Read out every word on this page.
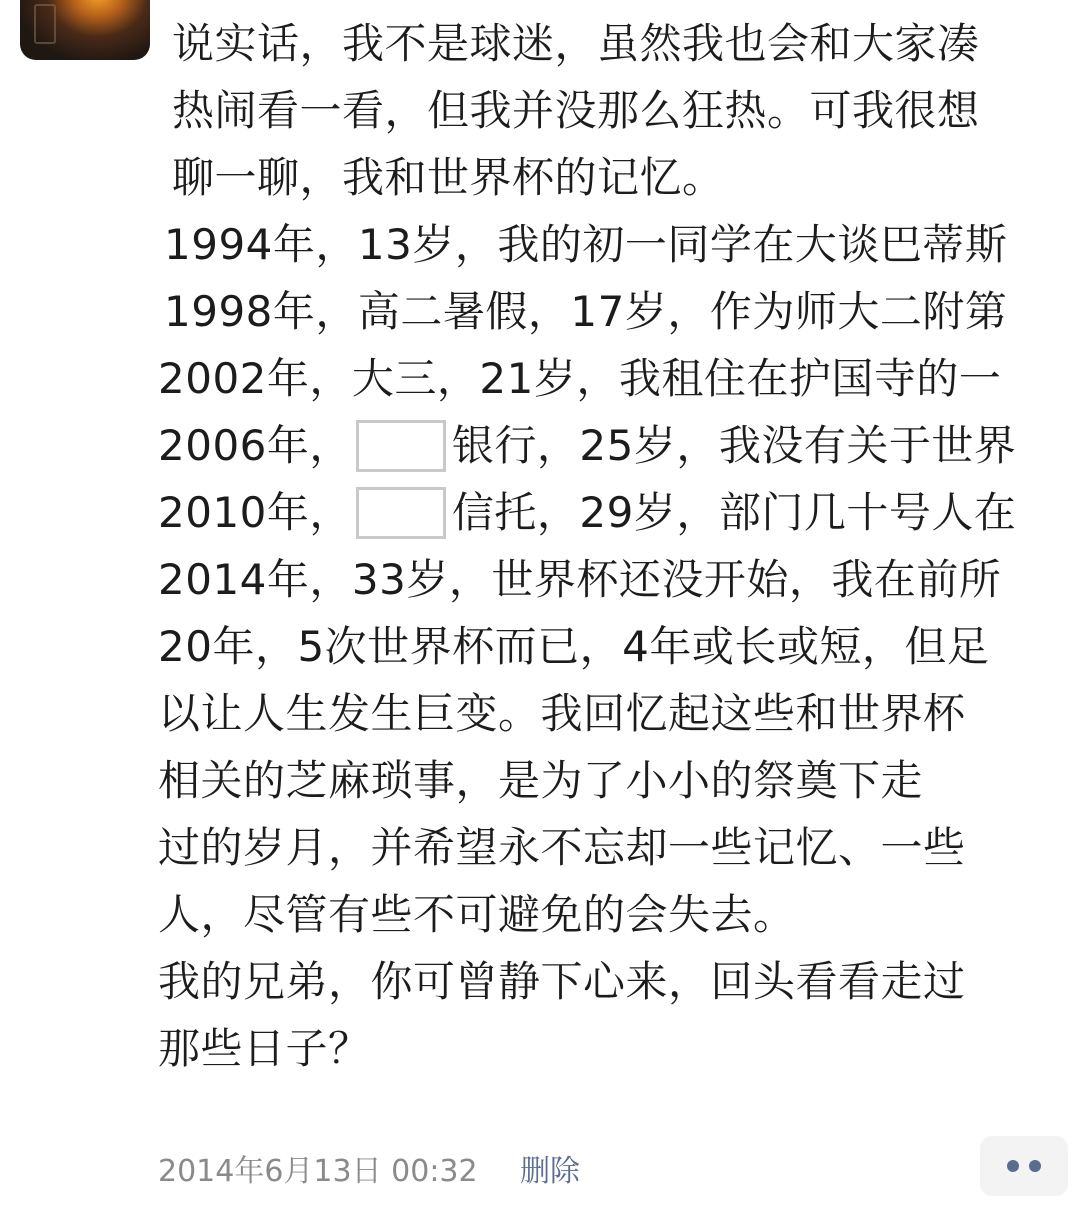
说实话，我不是球迷，虽然我也会和大家凑
热闹看一看，但我并没那么狂热。可我很想
聊一聊，我和世界杯的记忆。
1994年，13岁，我的初一同学在大谈巴蒂斯
1998年，高二暑假，17岁，作为师大二附第
2002年，大三，21岁，我租住在护国寺的一
2006年， 银行，25岁，我没有关于世界
2010年， 信托，29岁，部门几十号人在
2014年，33岁，世界杯还没开始，我在前所
20年，5次世界杯而已，4年或长或短，但足
以让人生发生巨变。我回忆起这些和世界杯
相关的芝麻琐事，是为了小小的祭奠下走
过的岁月，并希望永不忘却一些记忆、一些
人，尽管有些不可避免的会失去。
我的兄弟，你可曾静下心来，回头看看走过
那些日子？
2014年6月13日 00:32 删除
